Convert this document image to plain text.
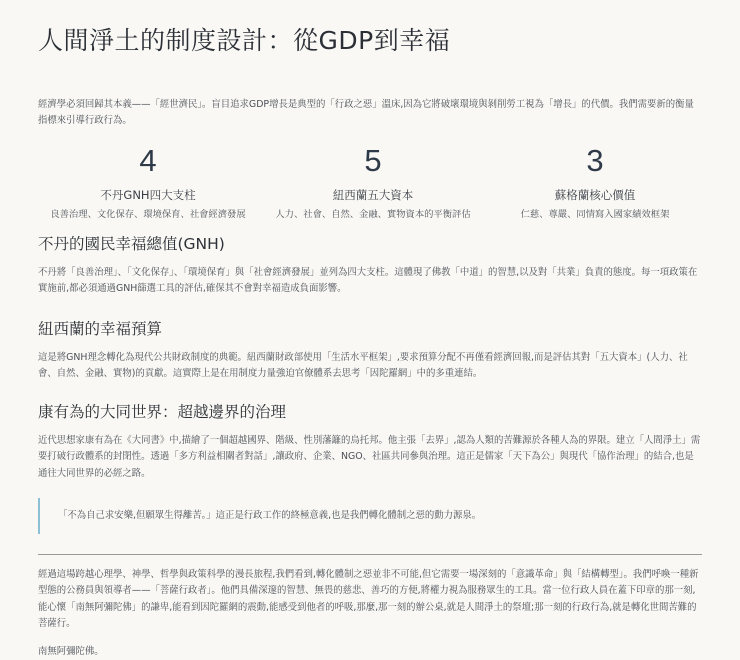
人間淨土的制度設計：從GDP到幸福

經濟學必須回歸其本義——「經世濟民」。盲目追求GDP增長是典型的「行政之惡」溫床,因為它將破壞環境與剝削勞工視為「增長」的代價。我們需要新的衡量指標來引導行政行為。

4
不丹GNH四大支柱
良善治理、文化保存、環境保育、社會經濟發展
5
紐西蘭五大資本
人力、社會、自然、金融、實物資本的平衡評估
3
蘇格蘭核心價值
仁慈、尊嚴、同情寫入國家績效框架
不丹的國民幸福總值(GNH)

不丹將「良善治理」、「文化保存」、「環境保育」與「社會經濟發展」並列為四大支柱。這體現了佛教「中道」的智慧,以及對「共業」負責的態度。每一項政策在實施前,都必須通過GNH篩選工具的評估,確保其不會對幸福造成負面影響。

紐西蘭的幸福預算

這是將GNH理念轉化為現代公共財政制度的典範。紐西蘭財政部使用「生活水平框架」,要求預算分配不再僅看經濟回報,而是評估其對「五大資本」(人力、社會、自然、金融、實物)的貢獻。這實際上是在用制度力量強迫官僚體系去思考「因陀羅網」中的多重連結。

康有為的大同世界：超越邊界的治理

近代思想家康有為在《大同書》中,描繪了一個超越國界、階級、性別藩籬的烏托邦。他主張「去界」,認為人類的苦難源於各種人為的界限。建立「人間淨土」需要打破行政體系的封閉性。透過「多方利益相關者對話」,讓政府、企業、NGO、社區共同參與治理。這正是儒家「天下為公」與現代「協作治理」的結合,也是通往大同世界的必經之路。

「不為自己求安樂,但願眾生得離苦。」這正是行政工作的終極意義,也是我們轉化體制之惡的動力源泉。

經過這場跨越心理學、神學、哲學與政策科學的漫長旅程,我們看到,轉化體制之惡並非不可能,但它需要一場深刻的「意識革命」與「結構轉型」。我們呼喚一種新型態的公務員與領導者——「菩薩行政者」。他們具備深邃的智慧、無畏的慈悲、善巧的方便,將權力視為服務眾生的工具。當一位行政人員在蓋下印章的那一刻,能心懷「南無阿彌陀佛」的謙卑,能看到因陀羅網的震動,能感受到他者的呼吸,那麼,那一刻的辦公桌,就是人間淨土的祭壇;那一刻的行政行為,就是轉化世間苦難的菩薩行。

南無阿彌陀佛。
